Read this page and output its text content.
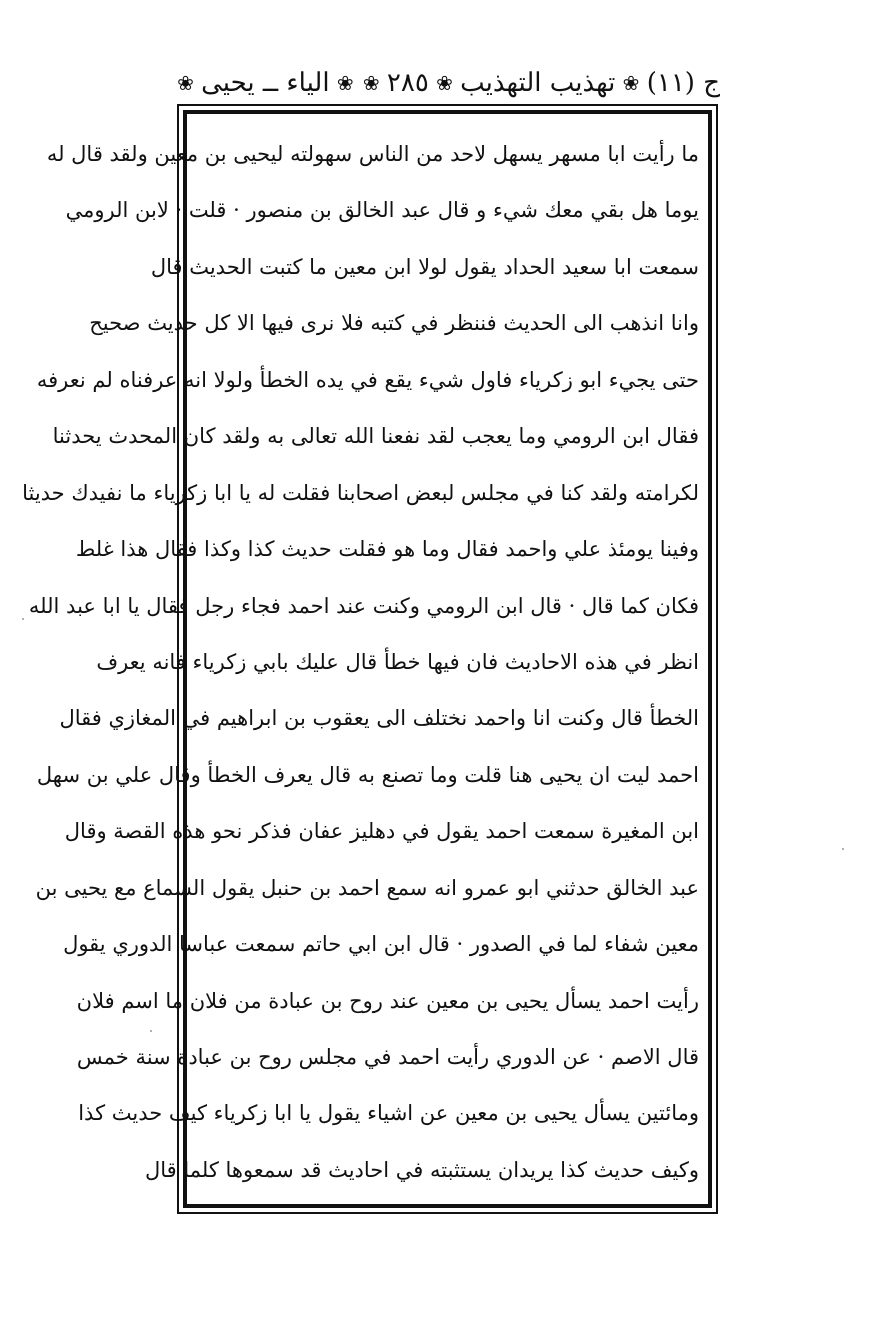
ج (١١)
❀
تهذيب التهذيب
❀
٢٨٥
❀
❀
الياء ــ يحيى
❀
ما رأيت ابا مسهر يسهل لاحد من الناس سهولته ليحيى بن معين ولقد قال له
يوما هل بقي معك شيء و قال عبد الخالق بن منصور · قلت · لابن الرومي
سمعت ابا سعيد الحداد يقول لولا ابن معين ما كتبت الحديث قال
وانا انذهب الى الحديث فننظر في كتبه فلا نرى فيها الا كل حديث صحيح
حتى يجيء ابو زكرياء فاول شيء يقع في يده الخطأ ولولا انه عرفناه لم نعرفه
فقال ابن الرومي وما يعجب لقد نفعنا الله تعالى به ولقد كان المحدث يحدثنا
لكرامته ولقد كنا في مجلس لبعض اصحابنا فقلت له يا ابا زكرياء ما نفيدك حديثا
وفينا يومئذ علي واحمد فقال وما هو فقلت حديث كذا وكذا فقال هذا غلط
فكان كما قال · قال ابن الرومي وكنت عند احمد فجاء رجل فقال يا ابا عبد الله
انظر في هذه الاحاديث فان فيها خطأ قال عليك بابي زكرياء فانه يعرف
الخطأ قال وكنت انا واحمد نختلف الى يعقوب بن ابراهيم في المغازي فقال
احمد ليت ان يحيى هنا قلت وما تصنع به قال يعرف الخطأ وقال علي بن سهل
ابن المغيرة سمعت احمد يقول في دهليز عفان فذكر نحو هذه القصة وقال
عبد الخالق حدثني ابو عمرو انه سمع احمد بن حنبل يقول السماع مع يحيى بن
معين شفاء لما في الصدور · قال ابن ابي حاتم سمعت عباسا الدوري يقول
رأيت احمد يسأل يحيى بن معين عند روح بن عبادة من فلان ما اسم فلان
قال الاصم · عن الدوري رأيت احمد في مجلس روح بن عبادة سنة خمس
ومائتين يسأل يحيى بن معين عن اشياء يقول يا ابا زكرياء كيف حديث كذا
وكيف حديث كذا يريدان يستثبته في احاديث قد سمعوها كلما قال
